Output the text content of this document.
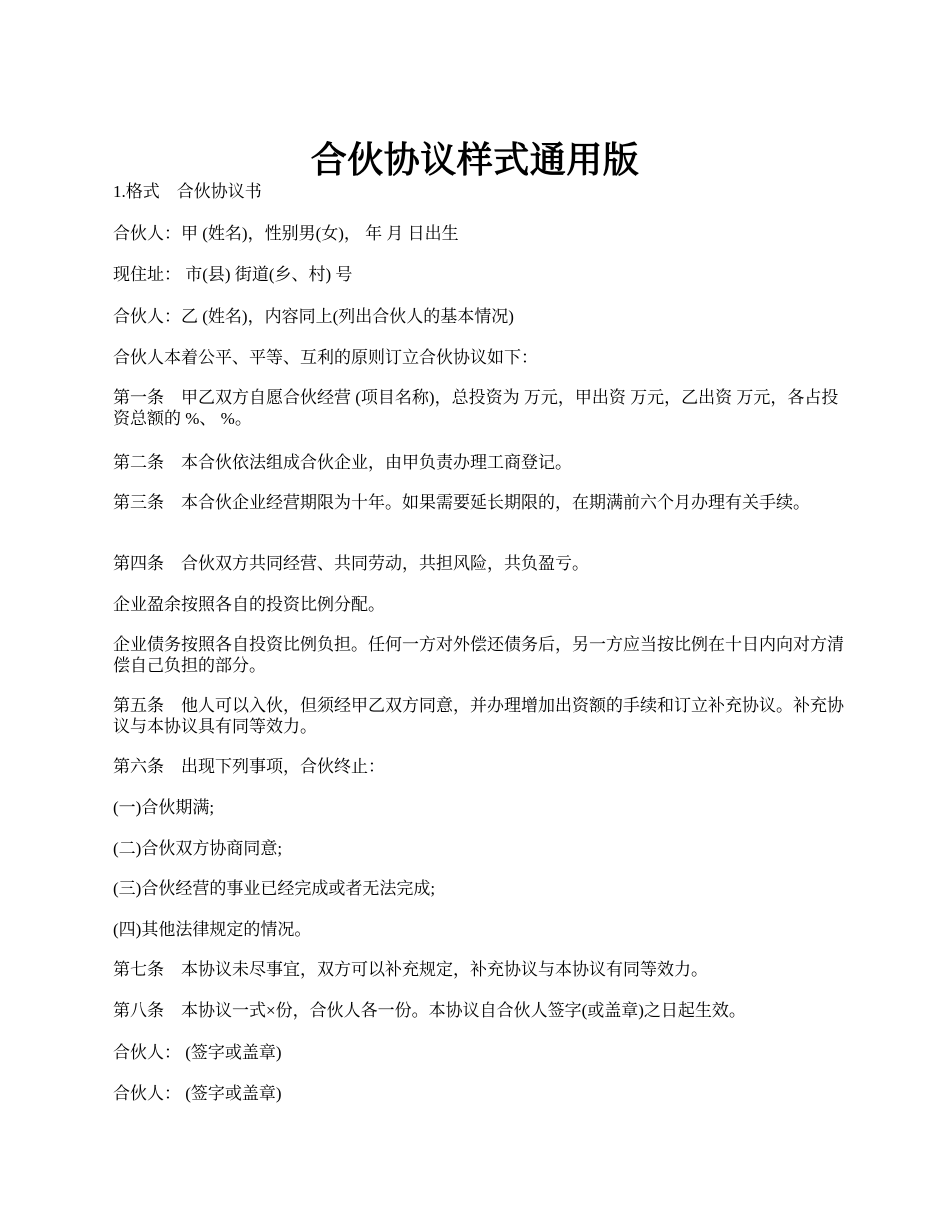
合伙协议样式通用版

1.格式　合伙协议书

合伙人：甲 (姓名)，性别男(女)， 年 月 日出生

现住址： 市(县) 街道(乡、村) 号

合伙人：乙 (姓名)，内容同上(列出合伙人的基本情况)

合伙人本着公平、平等、互利的原则订立合伙协议如下：

第一条　甲乙双方自愿合伙经营 (项目名称)，总投资为 万元，甲出资 万元，乙出资 万元，各占投资总额的 %、 %。

第二条　本合伙依法组成合伙企业，由甲负责办理工商登记。

第三条　本合伙企业经营期限为十年。如果需要延长期限的，在期满前六个月办理有关手续。

第四条　合伙双方共同经营、共同劳动，共担风险，共负盈亏。

企业盈余按照各自的投资比例分配。

企业债务按照各自投资比例负担。任何一方对外偿还债务后，另一方应当按比例在十日内向对方清偿自己负担的部分。

第五条　他人可以入伙，但须经甲乙双方同意，并办理增加出资额的手续和订立补充协议。补充协议与本协议具有同等效力。

第六条　出现下列事项，合伙终止：

(一)合伙期满;

(二)合伙双方协商同意;

(三)合伙经营的事业已经完成或者无法完成;

(四)其他法律规定的情况。

第七条　本协议未尽事宜，双方可以补充规定，补充协议与本协议有同等效力。

第八条　本协议一式×份，合伙人各一份。本协议自合伙人签字(或盖章)之日起生效。

合伙人： (签字或盖章)

合伙人： (签字或盖章)
